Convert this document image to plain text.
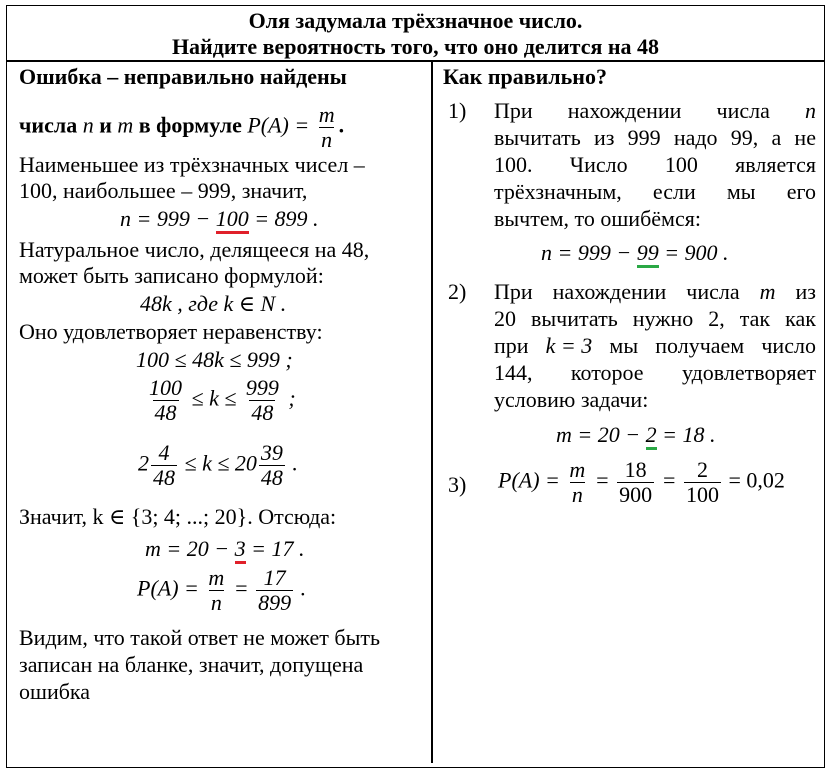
Оля задумала трёхзначное число.
Найдите вероятность того, что оно делится на 48
Ошибка – неправильно найдены
числа n и m в формуле $P(A) = \frac{m}{n}$ .
Наименьшее из трёхзначных чисел –
100, наибольшее – 999, значит,
n = 999 − 100 = 899 .
Натуральное число, делящееся на 48,
может быть записано формулой:
48k , где k ∈ N .
Оно удовлетворяет неравенству:
100 ≤ 48k ≤ 999 ;
$\frac{100}{48} \le k \le \frac{999}{48}$ ;
$2 \frac{4}{48} \le k \le 20 \frac{39}{48}$ .
Значит, k ∈ {3; 4; ...; 20}. Отсюда:
m = 20 − 3 = 17 .
$P(A) = \frac{m}{n} = \frac{17}{899}$ .
Видим, что такой ответ не может быть
записан на бланке, значит, допущена
ошибка
Как правильно?
1) При нахождении числа n
вычитать из 999 надо 99, а не
100. Число 100 является
трёхзначным, если мы его
вычтем, то ошибёмся:
n = 999 − 99 = 900 .
2) При нахождении числа m из
20 вычитать нужно 2, так как
при k = 3 мы получаем число
144, которое удовлетворяет
условию задачи:
m = 20 − 2 = 18 .
3) $P(A) = \frac{m}{n} = \frac{18}{900} = \frac{2}{100} = 0,02$
